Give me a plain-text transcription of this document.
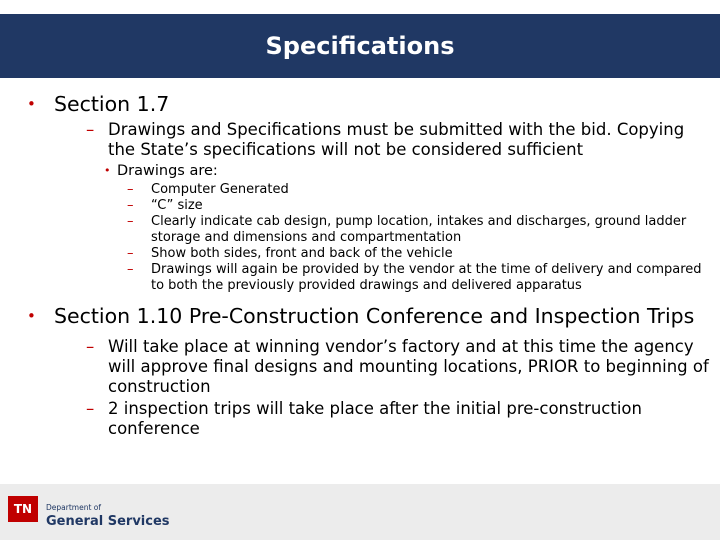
Specifications
• Section 1.7
– Drawings and Specifications must be submitted with the bid. Copying the State’s specifications will not be considered sufficient
• Drawings are:
– Computer Generated
– “C” size
– Clearly indicate cab design, pump location, intakes and discharges, ground ladder storage and dimensions and compartmentation
– Show both sides, front and back of the vehicle
– Drawings will again be provided by the vendor at the time of delivery and compared to both the previously provided drawings and delivered apparatus
• Section 1.10 Pre-Construction Conference and Inspection Trips
– Will take place at winning vendor’s factory and at this time the agency will approve final designs and mounting locations, PRIOR to beginning of construction
– 2 inspection trips will take place after the initial pre-construction conference
TN	Department of
General Services
